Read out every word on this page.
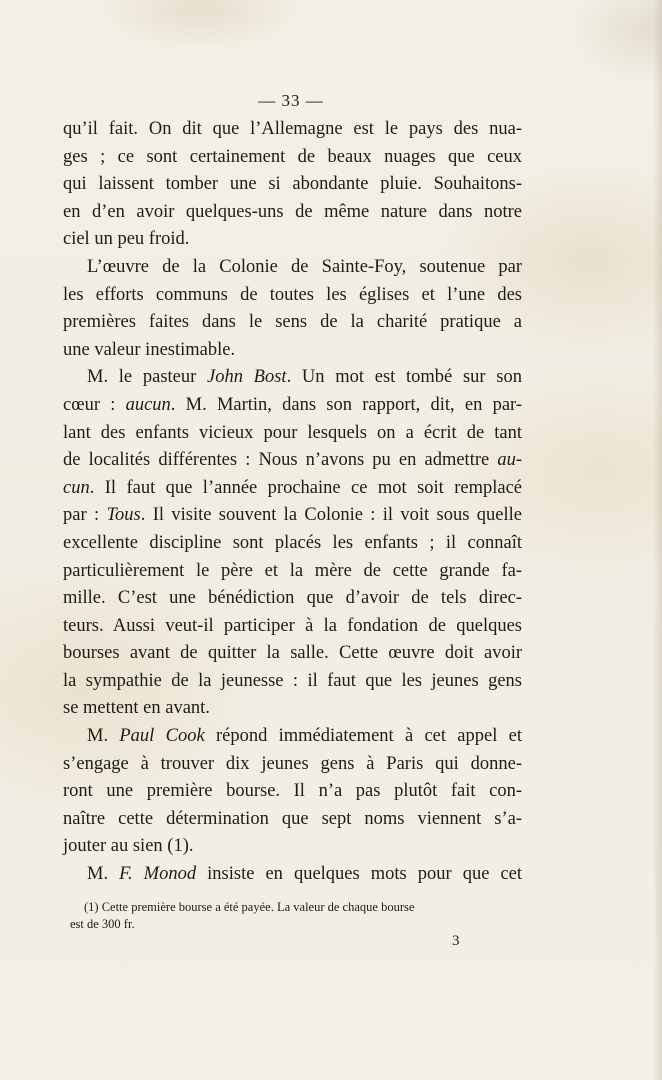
— 33 —
qu’il fait. On dit que l’Allemagne est le pays des nua-
ges ; ce sont certainement de beaux nuages que ceux
qui laissent tomber une si abondante pluie. Souhaitons-
en d’en avoir quelques-uns de même nature dans notre
ciel un peu froid.
L’œuvre de la Colonie de Sainte-Foy, soutenue par
les efforts communs de toutes les églises et l’une des
premières faites dans le sens de la charité pratique a
une valeur inestimable.
M. le pasteur John Bost. Un mot est tombé sur son
cœur : aucun. M. Martin, dans son rapport, dit, en par-
lant des enfants vicieux pour lesquels on a écrit de tant
de localités différentes : Nous n’avons pu en admettre au-
cun. Il faut que l’année prochaine ce mot soit remplacé
par : Tous. Il visite souvent la Colonie : il voit sous quelle
excellente discipline sont placés les enfants ; il connaît
particulièrement le père et la mère de cette grande fa-
mille. C’est une bénédiction que d’avoir de tels direc-
teurs. Aussi veut-il participer à la fondation de quelques
bourses avant de quitter la salle. Cette œuvre doit avoir
la sympathie de la jeunesse : il faut que les jeunes gens
se mettent en avant.
M. Paul Cook répond immédiatement à cet appel et
s’engage à trouver dix jeunes gens à Paris qui donne-
ront une première bourse. Il n’a pas plutôt fait con-
naître cette détermination que sept noms viennent s’a-
jouter au sien (1).
M. F. Monod insiste en quelques mots pour que cet
(1) Cette première bourse a été payée. La valeur de chaque bourse
est de 300 fr.
3
